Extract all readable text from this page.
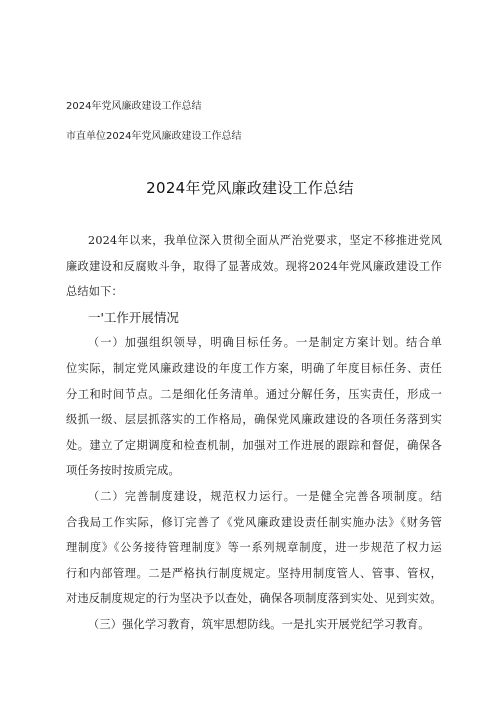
2024年党风廉政建设工作总结
市直单位2024年党风廉政建设工作总结
2024年党风廉政建设工作总结
2024年以来，我单位深入贯彻全面从严治党要求，坚定不移推进党风
廉政建设和反腐败斗争，取得了显著成效。现将2024年党风廉政建设工作
总结如下：
一'工作开展情况
（一）加强组织领导，明确目标任务。一是制定方案计划。结合单
位实际，制定党风廉政建设的年度工作方案，明确了年度目标任务、责任
分工和时间节点。二是细化任务清单。通过分解任务，压实责任，形成一
级抓一级、层层抓落实的工作格局，确保党风廉政建设的各项任务落到实
处。建立了定期调度和检查机制，加强对工作进展的跟踪和督促，确保各
项任务按时按质完成。
（二）完善制度建设，规范权力运行。一是健全完善各项制度。结
合我局工作实际，修订完善了《党风廉政建设责任制实施办法》《财务管
理制度》《公务接待管理制度》等一系列规章制度，进一步规范了权力运
行和内部管理。二是严格执行制度规定。坚持用制度管人、管事、管权，
对违反制度规定的行为坚决予以查处，确保各项制度落到实处、见到实效。
（三）强化学习教育，筑牢思想防线。一是扎实开展党纪学习教育。
